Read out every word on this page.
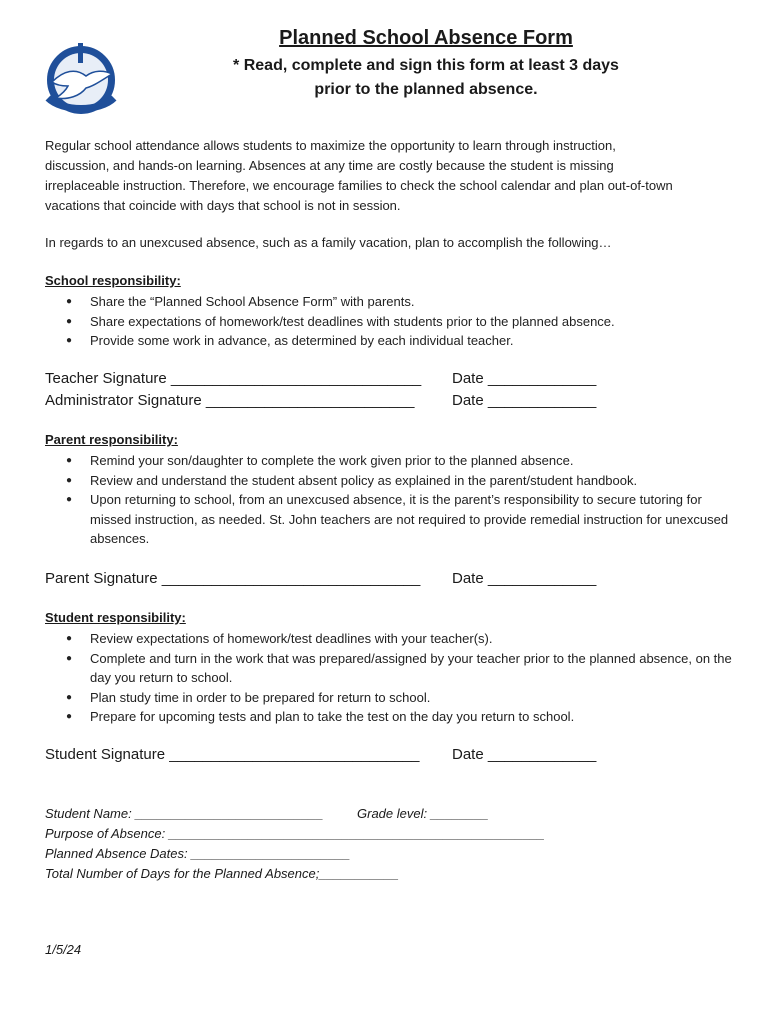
Planned School Absence Form
* Read, complete and sign this form at least 3 days
prior to the planned absence.
Regular school attendance allows students to maximize the opportunity to learn through instruction,
discussion, and hands-on learning. Absences at any time are costly because the student is missing
irreplaceable instruction. Therefore, we encourage families to check the school calendar and plan out-of-town
vacations that coincide with days that school is not in session.
In regards to an unexcused absence, such as a family vacation, plan to accomplish the following…
School responsibility:
● Share the “Planned School Absence Form” with parents.
● Share expectations of homework/test deadlines with students prior to the planned absence.
● Provide some work in advance, as determined by each individual teacher.
Teacher Signature ______________________________ Date _____________
Administrator Signature _________________________	Date _____________
Parent responsibility:
● Remind your son/daughter to complete the work given prior to the planned absence.
● Review and understand the student absent policy as explained in the parent/student handbook.
● Upon returning to school, from an unexcused absence, it is the parent’s responsibility to secure tutoring for missed instruction, as needed. St. John teachers are not required to provide remedial instruction for unexcused absences.
Parent Signature _______________________________ Date _____________
Student responsibility:
● Review expectations of homework/test deadlines with your teacher(s).
● Complete and turn in the work that was prepared/assigned by your teacher prior to the planned absence, on the day you return to school.
● Plan study time in order to be prepared for return to school.
● Prepare for upcoming tests and plan to take the test on the day you return to school.
Student Signature ______________________________ Date _____________
Student Name: __________________________	Grade level: ________
Purpose of Absence: ____________________________________________________
Planned Absence Dates: ______________________
Total Number of Days for the Planned Absence;___________
1/5/24
